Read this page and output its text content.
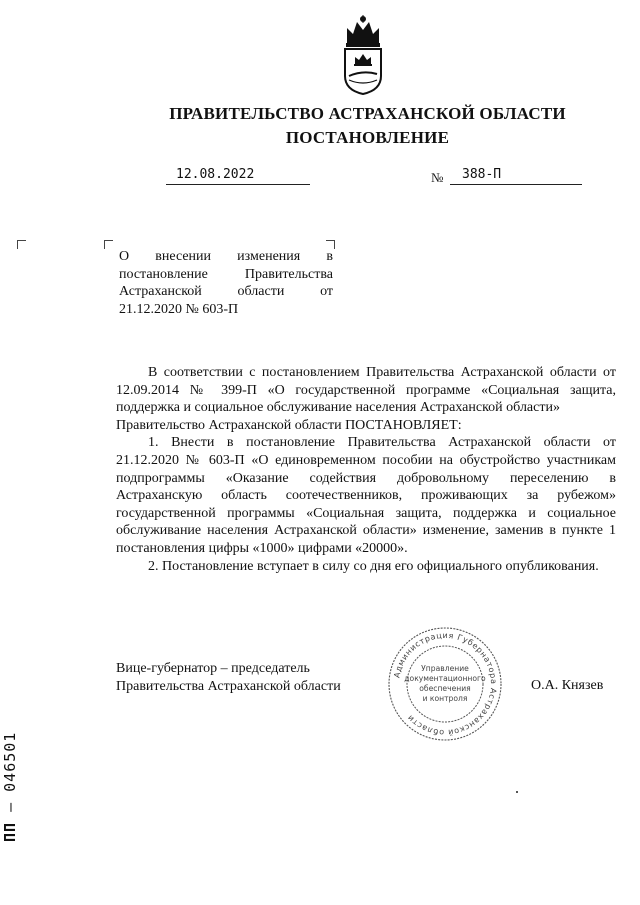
ПРАВИТЕЛЬСТВО АСТРАХАНСКОЙ ОБЛАСТИ
ПОСТАНОВЛЕНИЕ
12.08.2022	№ 388-П

О внесении изменения в постановление Правительства Астраханской области от 21.12.2020 № 603-П

В соответствии с постановлением Правительства Астраханской области от 12.09.2014 № 399-П «О государственной программе «Социальная защита, поддержка и социальное обслуживание населения Астраханской области»

Правительство Астраханской области ПОСТАНОВЛЯЕТ:

1. Внести в постановление Правительства Астраханской области от 21.12.2020 № 603-П «О единовременном пособии на обустройство участникам подпрограммы «Оказание содействия добровольному переселению в Астраханскую область соотечественников, проживающих за рубежом» государственной программы «Социальная защита, поддержка и социальное обслуживание населения Астраханской области» изменение, заменив в пункте 1 постановления цифры «1000» цифрами «20000».

2. Постановление вступает в силу со дня его официального опубликования.

Вице-губернатор – председатель
Правительства Астраханской области	О.А. Князев
Администрация Губернатора Астраханской области
Управление
документационного
обеспечения
и контроля
ПП – 046501
